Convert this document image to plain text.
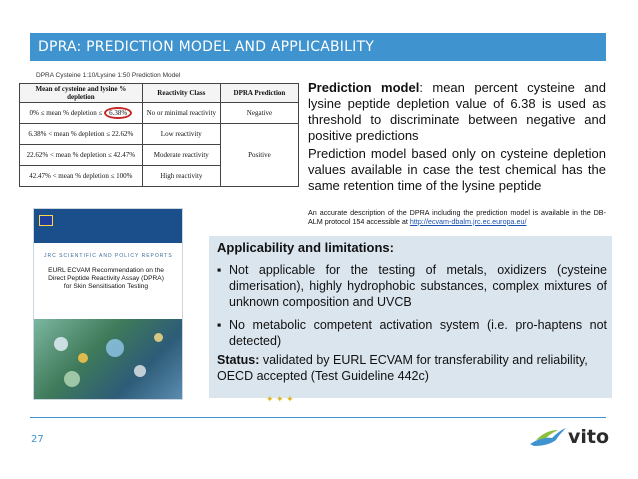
DPRA: PREDICTION MODEL AND APPLICABILITY
DPRA Cysteine 1:10/Lysine 1:50 Prediction Model
Mean of cysteine and lysine % depletion	Reactivity Class	DPRA Prediction
0% ≤ mean % depletion ≤ 6.38%	No or minimal reactivity	Negative
6.38% < mean % depletion ≤ 22.62%	Low reactivity	Positive
22.62% < mean % depletion ≤ 42.47%	Moderate reactivity	
42.47% < mean % depletion ≤ 100%	High reactivity	

Prediction model: mean percent cysteine and lysine peptide depletion value of 6.38 is used as threshold to discriminate between negative and positive predictions

Prediction model based only on cysteine depletion values available in case the test chemical has the same retention time of the lysine peptide

An accurate description of the DPRA including the prediction model is available in the DB-ALM protocol 154 accessible at http://ecvam-dbalm.jrc.ec.europa.eu/
JRC SCIENTIFIC AND POLICY REPORTS
EURL ECVAM Recommendation on the Direct Peptide Reactivity Assay (DPRA) for Skin Sensitisation Testing
Applicability and limitations:
▪ Not applicable for the testing of metals, oxidizers (cysteine dimerisation), highly hydrophobic substances, complex mixtures of unknown composition and UVCB
▪ No metabolic competent activation system (i.e. pro-haptens not detected)
Status: validated by EURL ECVAM for transferability and reliability, OECD accepted (Test Guideline 442c)
✦ ✦ ✦
27	vito
